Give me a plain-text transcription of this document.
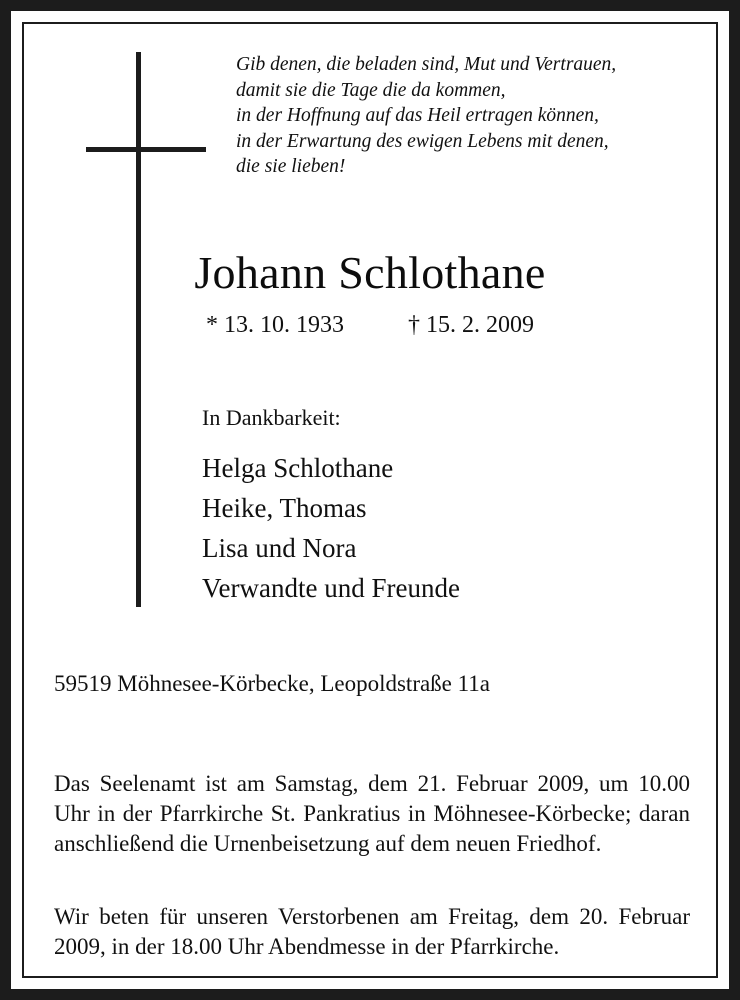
Gib denen, die beladen sind, Mut und Vertrauen,
damit sie die Tage die da kommen,
in der Hoffnung auf das Heil ertragen können,
in der Erwartung des ewigen Lebens mit denen,
die sie lieben!
Johann Schlothane
* 13. 10. 1933	† 15. 2. 2009
In Dankbarkeit:
Helga Schlothane
Heike, Thomas
Lisa und Nora
Verwandte und Freunde
59519 Möhnesee-Körbecke, Leopoldstraße 11a
Das Seelenamt ist am Samstag, dem 21. Februar 2009, um 10.00 Uhr in der Pfarrkirche St. Pankratius in Möhnesee-Körbecke; daran anschließend die Urnenbeisetzung auf dem neuen Friedhof.
Wir beten für unseren Verstorbenen am Freitag, dem 20. Februar 2009, in der 18.00 Uhr Abendmesse in der Pfarrkirche.
